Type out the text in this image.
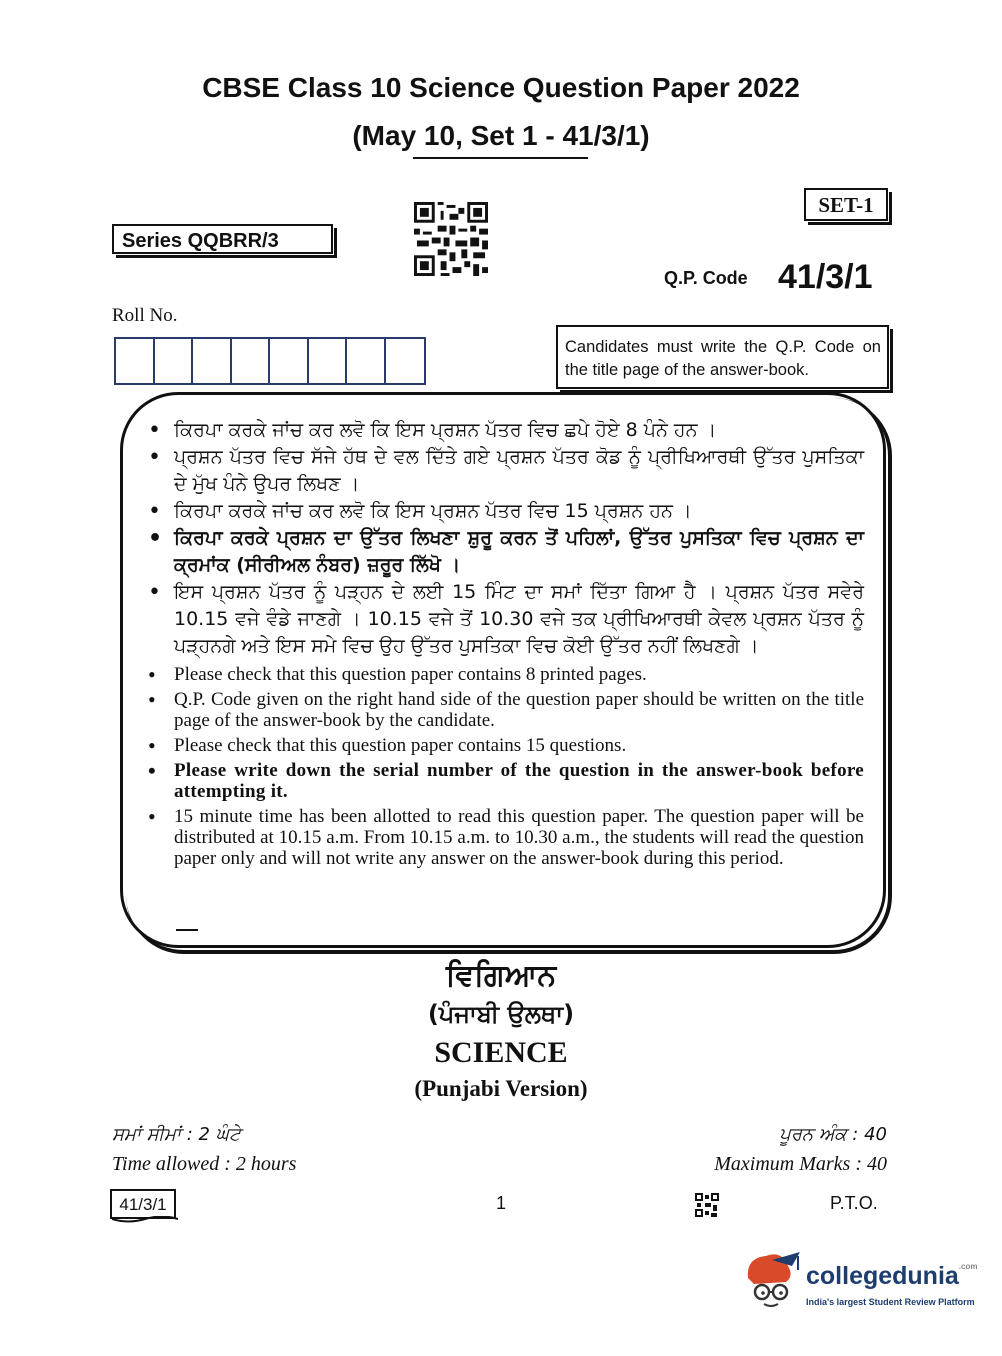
CBSE Class 10 Science Question Paper 2022
(May 10, Set 1 - 41/3/1)
Series QQBRR/3
SET-1
Q.P. Code 41/3/1
Roll No.
Candidates must write the Q.P. Code on the title page of the answer-book.
• ਕਿਰਪਾ ਕਰਕੇ ਜਾਂਚ ਕਰ ਲਵੋ ਕਿ ਇਸ ਪ੍ਰਸ਼ਨ ਪੱਤਰ ਵਿਚ ਛਪੇ ਹੋਏ 8 ਪੰਨੇ ਹਨ ।
• ਪ੍ਰਸ਼ਨ ਪੱਤਰ ਵਿਚ ਸੱਜੇ ਹੱਥ ਦੇ ਵਲ ਦਿੱਤੇ ਗਏ ਪ੍ਰਸ਼ਨ ਪੱਤਰ ਕੋਡ ਨੂੰ ਪ੍ਰੀਖਿਆਰਥੀ ਉੱਤਰ ਪੁਸਤਿਕਾ ਦੇ ਮੁੱਖ ਪੰਨੇ ਉਪਰ ਲਿਖਣ ।
• ਕਿਰਪਾ ਕਰਕੇ ਜਾਂਚ ਕਰ ਲਵੋ ਕਿ ਇਸ ਪ੍ਰਸ਼ਨ ਪੱਤਰ ਵਿਚ 15 ਪ੍ਰਸ਼ਨ ਹਨ ।
• ਕਿਰਪਾ ਕਰਕੇ ਪ੍ਰਸ਼ਨ ਦਾ ਉੱਤਰ ਲਿਖਣਾ ਸ਼ੁਰੂ ਕਰਨ ਤੋਂ ਪਹਿਲਾਂ, ਉੱਤਰ ਪੁਸਤਿਕਾ ਵਿਚ ਪ੍ਰਸ਼ਨ ਦਾ ਕ੍ਰਮਾਂਕ (ਸੀਰੀਅਲ ਨੰਬਰ) ਜ਼ਰੂਰ ਲਿੱਖੋ ।
• ਇਸ ਪ੍ਰਸ਼ਨ ਪੱਤਰ ਨੂੰ ਪੜ੍ਹਨ ਦੇ ਲਈ 15 ਮਿੰਟ ਦਾ ਸਮਾਂ ਦਿੱਤਾ ਗਿਆ ਹੈ । ਪ੍ਰਸ਼ਨ ਪੱਤਰ ਸਵੇਰੇ 10.15 ਵਜੇ ਵੰਡੇ ਜਾਣਗੇ । 10.15 ਵਜੇ ਤੋਂ 10.30 ਵਜੇ ਤਕ ਪ੍ਰੀਖਿਆਰਥੀ ਕੇਵਲ ਪ੍ਰਸ਼ਨ ਪੱਤਰ ਨੂੰ ਪੜ੍ਹਨਗੇ ਅਤੇ ਇਸ ਸਮੇ ਵਿਚ ਉਹ ਉੱਤਰ ਪੁਸਤਿਕਾ ਵਿਚ ਕੋਈ ਉੱਤਰ ਨਹੀਂ ਲਿਖਣਗੇ ।
• Please check that this question paper contains 8 printed pages.
• Q.P. Code given on the right hand side of the question paper should be written on the title page of the answer-book by the candidate.
• Please check that this question paper contains 15 questions.
• Please write down the serial number of the question in the answer-book before attempting it.
• 15 minute time has been allotted to read this question paper. The question paper will be distributed at 10.15 a.m. From 10.15 a.m. to 10.30 a.m., the students will read the question paper only and will not write any answer on the answer-book during this period.
ਵਿਗਿਆਨ
(ਪੰਜਾਬੀ ਉਲਥਾ)
SCIENCE
(Punjabi Version)
ਸਮਾਂ ਸੀਮਾਂ : 2 ਘੰਟੇ
Time allowed : 2 hours
ਪੂਰਨ ਅੰਕ : 40
Maximum Marks : 40
41/3/1	1	P.T.O.
collegedunia$^{.com}$
India's largest Student Review Platform
